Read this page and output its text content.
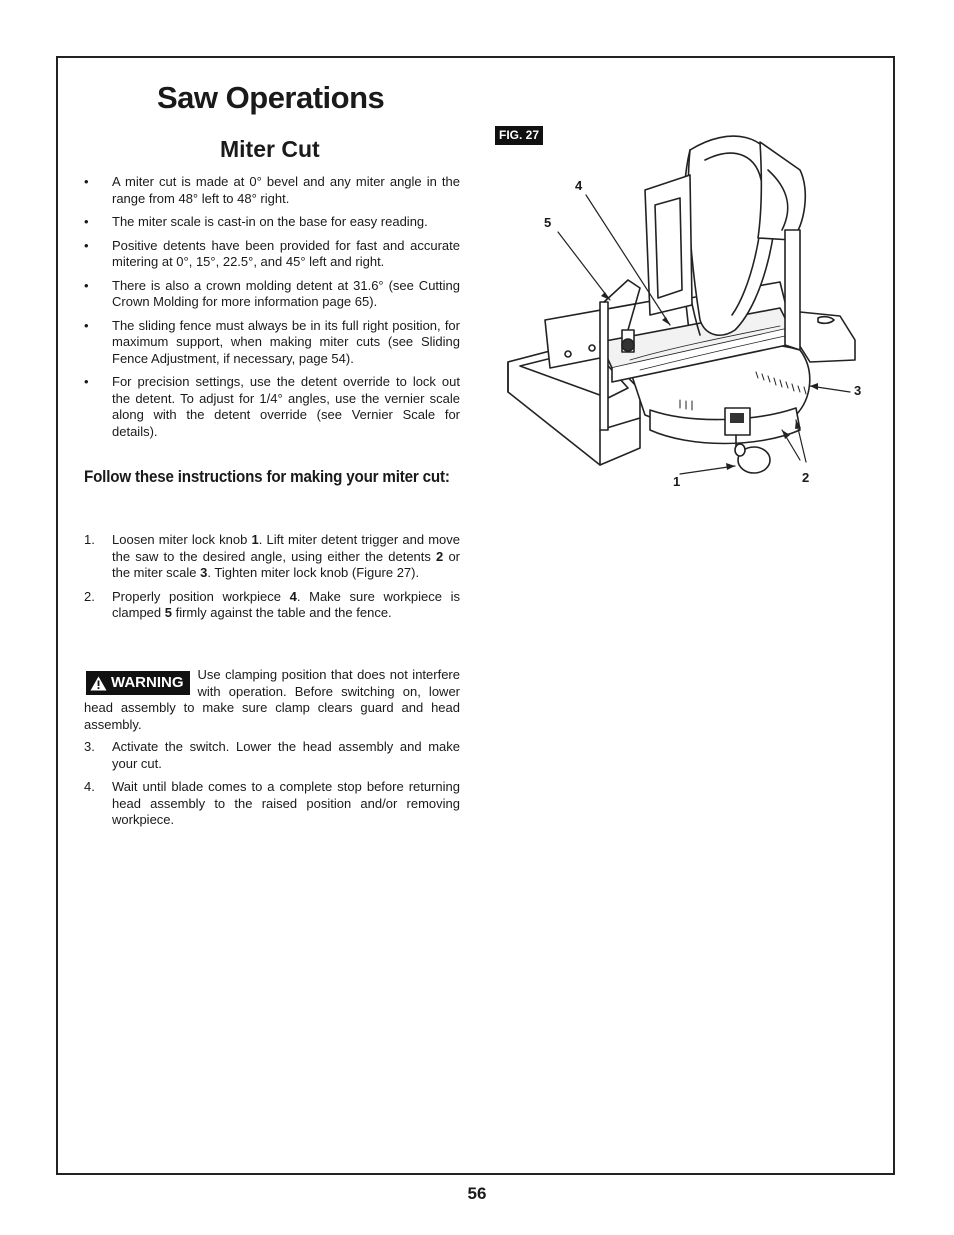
Saw Operations
Miter Cut
• A miter cut is made at 0° bevel and any miter angle in the range from 48° left to 48° right.
• The miter scale is cast-in on the base for easy reading.
• Positive detents have been provided for fast and accurate mitering at 0°, 15°, 22.5°, and 45° left and right.
• There is also a crown molding detent at 31.6° (see Cutting Crown Molding for more information page 65).
• The sliding fence must always be in its full right position, for maximum support, when making miter cuts (see Sliding Fence Adjustment, if necessary, page 54).
• For precision settings, use the detent override to lock out the detent. To adjust for 1/4° angles, use the vernier scale along with the detent override (see Vernier Scale for details).
Follow these instructions for making your miter cut:
1. Loosen miter lock knob 1. Lift miter detent trigger and move the saw to the desired angle, using either the detents 2 or the miter scale 3. Tighten miter lock knob (Figure 27).
2. Properly position workpiece 4. Make sure workpiece is clamped 5 firmly against the table and the fence.
WARNING Use clamping position that does not interfere with operation. Before switching on, lower head assembly to make sure clamp clears guard and head assembly.
3. Activate the switch. Lower the head assembly and make your cut.
4. Wait until blade comes to a complete stop before returning head assembly to the raised position and/or removing workpiece.
FIG. 27
1	2
3
4
5
56
